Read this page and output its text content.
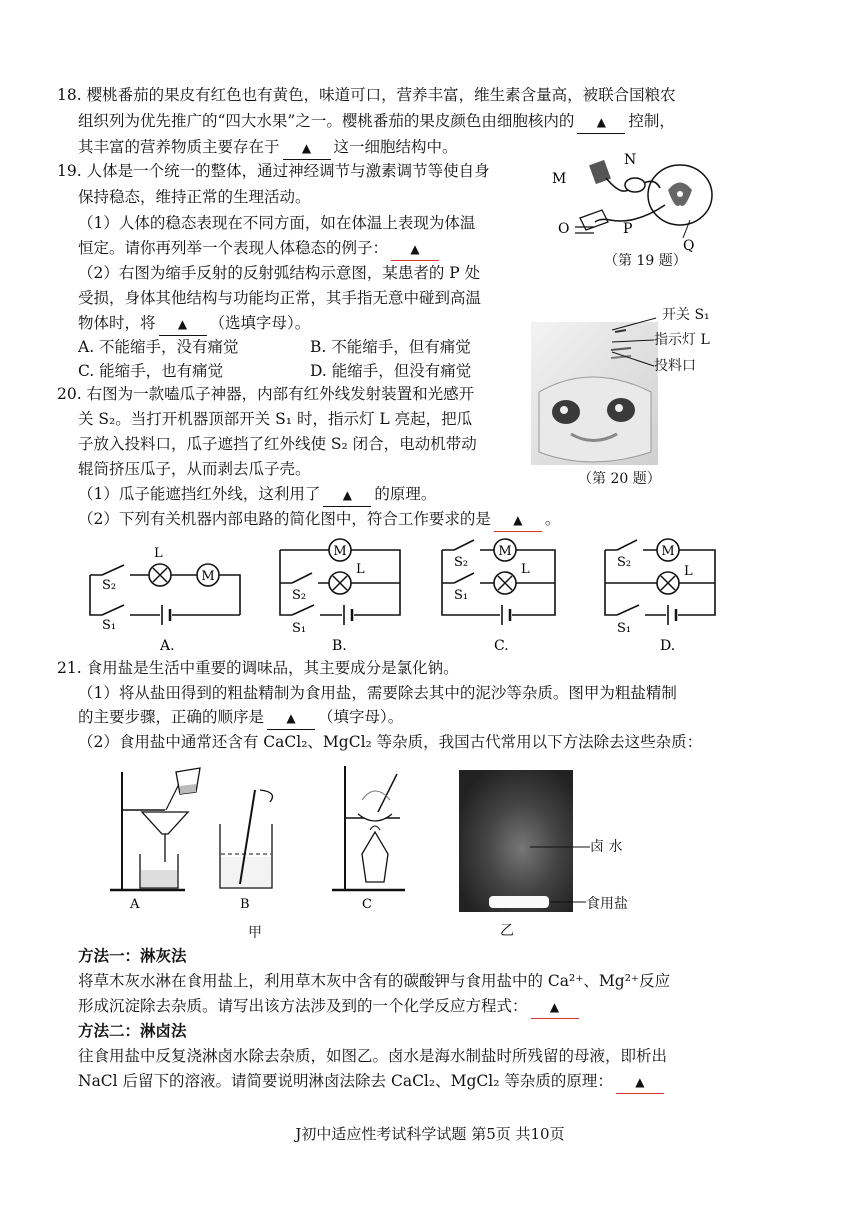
18. 樱桃番茄的果皮有红色也有黄色，味道可口，营养丰富，维生素含量高，被联合国粮农
组织列为优先推广的“四大水果”之一。樱桃番茄的果皮颜色由细胞核内的 ▲ 控制，
其丰富的营养物质主要存在于 ▲ 这一细胞结构中。
19. 人体是一个统一的整体，通过神经调节与激素调节等使自身
保持稳态，维持正常的生理活动。
（1）人体的稳态表现在不同方面，如在体温上表现为体温
恒定。请你再列举一个表现人体稳态的例子： ▲
（2）右图为缩手反射的反射弧结构示意图，某患者的 P 处
受损，身体其他结构与功能均正常，其手指无意中碰到高温
物体时，将 ▲ （选填字母）。
A. 不能缩手，没有痛觉	B. 不能缩手，但有痛觉
C. 能缩手，也有痛觉	D. 能缩手，但没有痛觉
M
N
O	P
Q
（第 19 题）
开关 S₁
指示灯 L
投料口
（第 20 题）
20. 右图为一款嗑瓜子神器，内部有红外线发射装置和光感开
关 S₂。当打开机器顶部开关 S₁ 时，指示灯 L 亮起，把瓜
子放入投料口，瓜子遮挡了红外线使 S₂ 闭合，电动机带动
辊筒挤压瓜子，从而剥去瓜子壳。
（1）瓜子能遮挡红外线，这利用了 ▲ 的原理。
（2）下列有关机器内部电路的简化图中，符合工作要求的是 ▲ 。
M
S₂
L
S₁
A.
S₂
L
S₁
B.
S₂	L
S₁
C.
S₂
L
S₁
D.
21. 食用盐是生活中重要的调味品，其主要成分是氯化钠。
（1）将从盐田得到的粗盐精制为食用盐，需要除去其中的泥沙等杂质。图甲为粗盐精制
的主要步骤，正确的顺序是 ▲ （填字母）。
（2）食用盐中通常还含有 CaCl₂、MgCl₂ 等杂质，我国古代常用以下方法除去这些杂质：
A	B	C
甲
卤 水
食用盐
乙
方法一：淋灰法
将草木灰水淋在食用盐上，利用草木灰中含有的碳酸钾与食用盐中的 Ca²⁺、Mg²⁺反应
形成沉淀除去杂质。请写出该方法涉及到的一个化学反应方程式： ▲
方法二：淋卤法
往食用盐中反复浇淋卤水除去杂质，如图乙。卤水是海水制盐时所残留的母液，即析出
NaCl 后留下的溶液。请简要说明淋卤法除去 CaCl₂、MgCl₂ 等杂质的原理： ▲
J初中适应性考试科学试题 第5页 共10页
